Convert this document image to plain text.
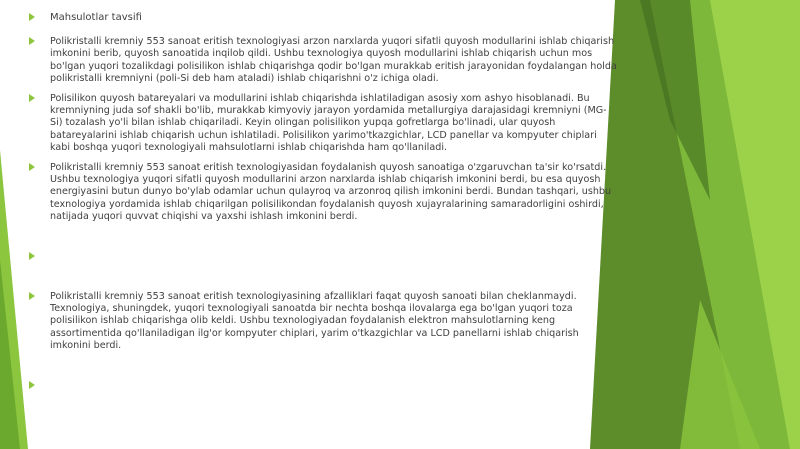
Mahsulotlar tavsifi
Polikristalli kremniy 553 sanoat eritish texnologiyasi arzon narxlarda yuqori sifatli quyosh modullarini ishlab chiqarish imkonini berib, quyosh sanoatida inqilob qildi. Ushbu texnologiya quyosh modullarini ishlab chiqarish uchun mos bo'lgan yuqori tozalikdagi polisilikon ishlab chiqarishga qodir bo'lgan murakkab eritish jarayonidan foydalangan holda polikristalli kremniyni (poli-Si deb ham ataladi) ishlab chiqarishni o'z ichiga oladi.
Polisilikon quyosh batareyalari va modullarini ishlab chiqarishda ishlatiladigan asosiy xom ashyo hisoblanadi. Bu kremniyning juda sof shakli bo'lib, murakkab kimyoviy jarayon yordamida metallurgiya darajasidagi kremniyni (MG-Si) tozalash yo'li bilan ishlab chiqariladi. Keyin olingan polisilikon yupqa gofretlarga bo'linadi, ular quyosh batareyalarini ishlab chiqarish uchun ishlatiladi. Polisilikon yarimo'tkazgichlar, LCD panellar va kompyuter chiplari kabi boshqa yuqori texnologiyali mahsulotlarni ishlab chiqarishda ham qo'llaniladi.
Polikristalli kremniy 553 sanoat eritish texnologiyasidan foydalanish quyosh sanoatiga o'zgaruvchan ta'sir ko'rsatdi. Ushbu texnologiya yuqori sifatli quyosh modullarini arzon narxlarda ishlab chiqarish imkonini berdi, bu esa quyosh energiyasini butun dunyo bo'ylab odamlar uchun qulayroq va arzonroq qilish imkonini berdi. Bundan tashqari, ushbu texnologiya yordamida ishlab chiqarilgan polisilikondan foydalanish quyosh xujayralarining samaradorligini oshirdi, natijada yuqori quvvat chiqishi va yaxshi ishlash imkonini berdi.
Polikristalli kremniy 553 sanoat eritish texnologiyasining afzalliklari faqat quyosh sanoati bilan cheklanmaydi. Texnologiya, shuningdek, yuqori texnologiyali sanoatda bir nechta boshqa ilovalarga ega bo'lgan yuqori toza polisilikon ishlab chiqarishga olib keldi. Ushbu texnologiyadan foydalanish elektron mahsulotlarning keng assortimentida qo'llaniladigan ilg'or kompyuter chiplari, yarim o'tkazgichlar va LCD panellarni ishlab chiqarish imkonini berdi.
